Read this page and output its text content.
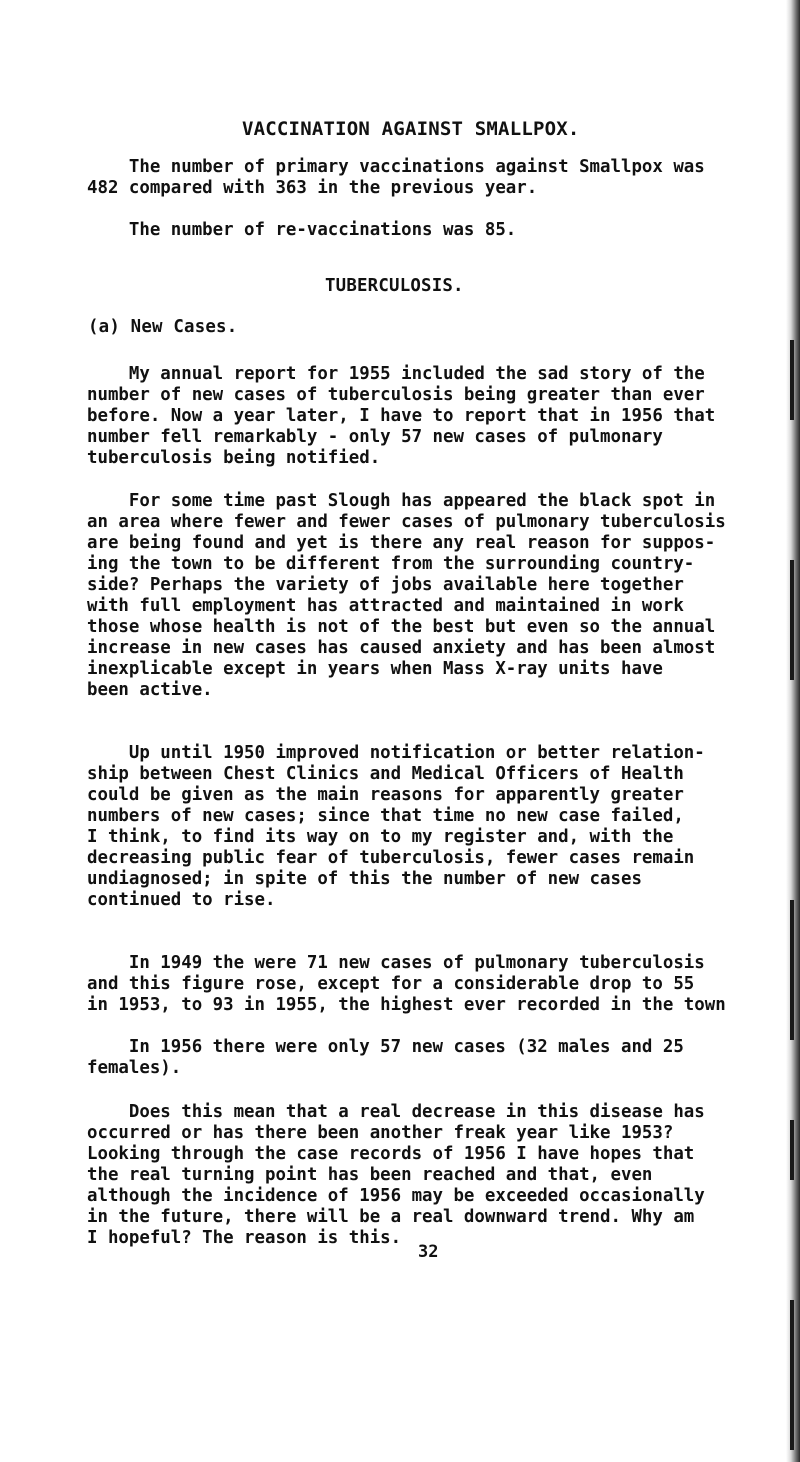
VACCINATION AGAINST SMALLPOX.
The number of primary vaccinations against Smallpox was
482 compared with 363 in the previous year.
The number of re-vaccinations was 85.
TUBERCULOSIS.
(a) New Cases.
My annual report for 1955 included the sad story of the
number of new cases of tuberculosis being greater than ever
before. Now a year later, I have to report that in 1956 that
number fell remarkably - only 57 new cases of pulmonary
tuberculosis being notified.
For some time past Slough has appeared the black spot in
an area where fewer and fewer cases of pulmonary tuberculosis
are being found and yet is there any real reason for suppos-
ing the town to be different from the surrounding country-
side? Perhaps the variety of jobs available here together
with full employment has attracted and maintained in work
those whose health is not of the best but even so the annual
increase in new cases has caused anxiety and has been almost
inexplicable except in years when Mass X-ray units have
been active.
Up until 1950 improved notification or better relation-
ship between Chest Clinics and Medical Officers of Health
could be given as the main reasons for apparently greater
numbers of new cases; since that time no new case failed,
I think, to find its way on to my register and, with the
decreasing public fear of tuberculosis, fewer cases remain
undiagnosed; in spite of this the number of new cases
continued to rise.
In 1949 the were 71 new cases of pulmonary tuberculosis
and this figure rose, except for a considerable drop to 55
in 1953, to 93 in 1955, the highest ever recorded in the town
In 1956 there were only 57 new cases (32 males and 25
females).
Does this mean that a real decrease in this disease has
occurred or has there been another freak year like 1953?
Looking through the case records of 1956 I have hopes that
the real turning point has been reached and that, even
although the incidence of 1956 may be exceeded occasionally
in the future, there will be a real downward trend. Why am
I hopeful? The reason is this.
32
